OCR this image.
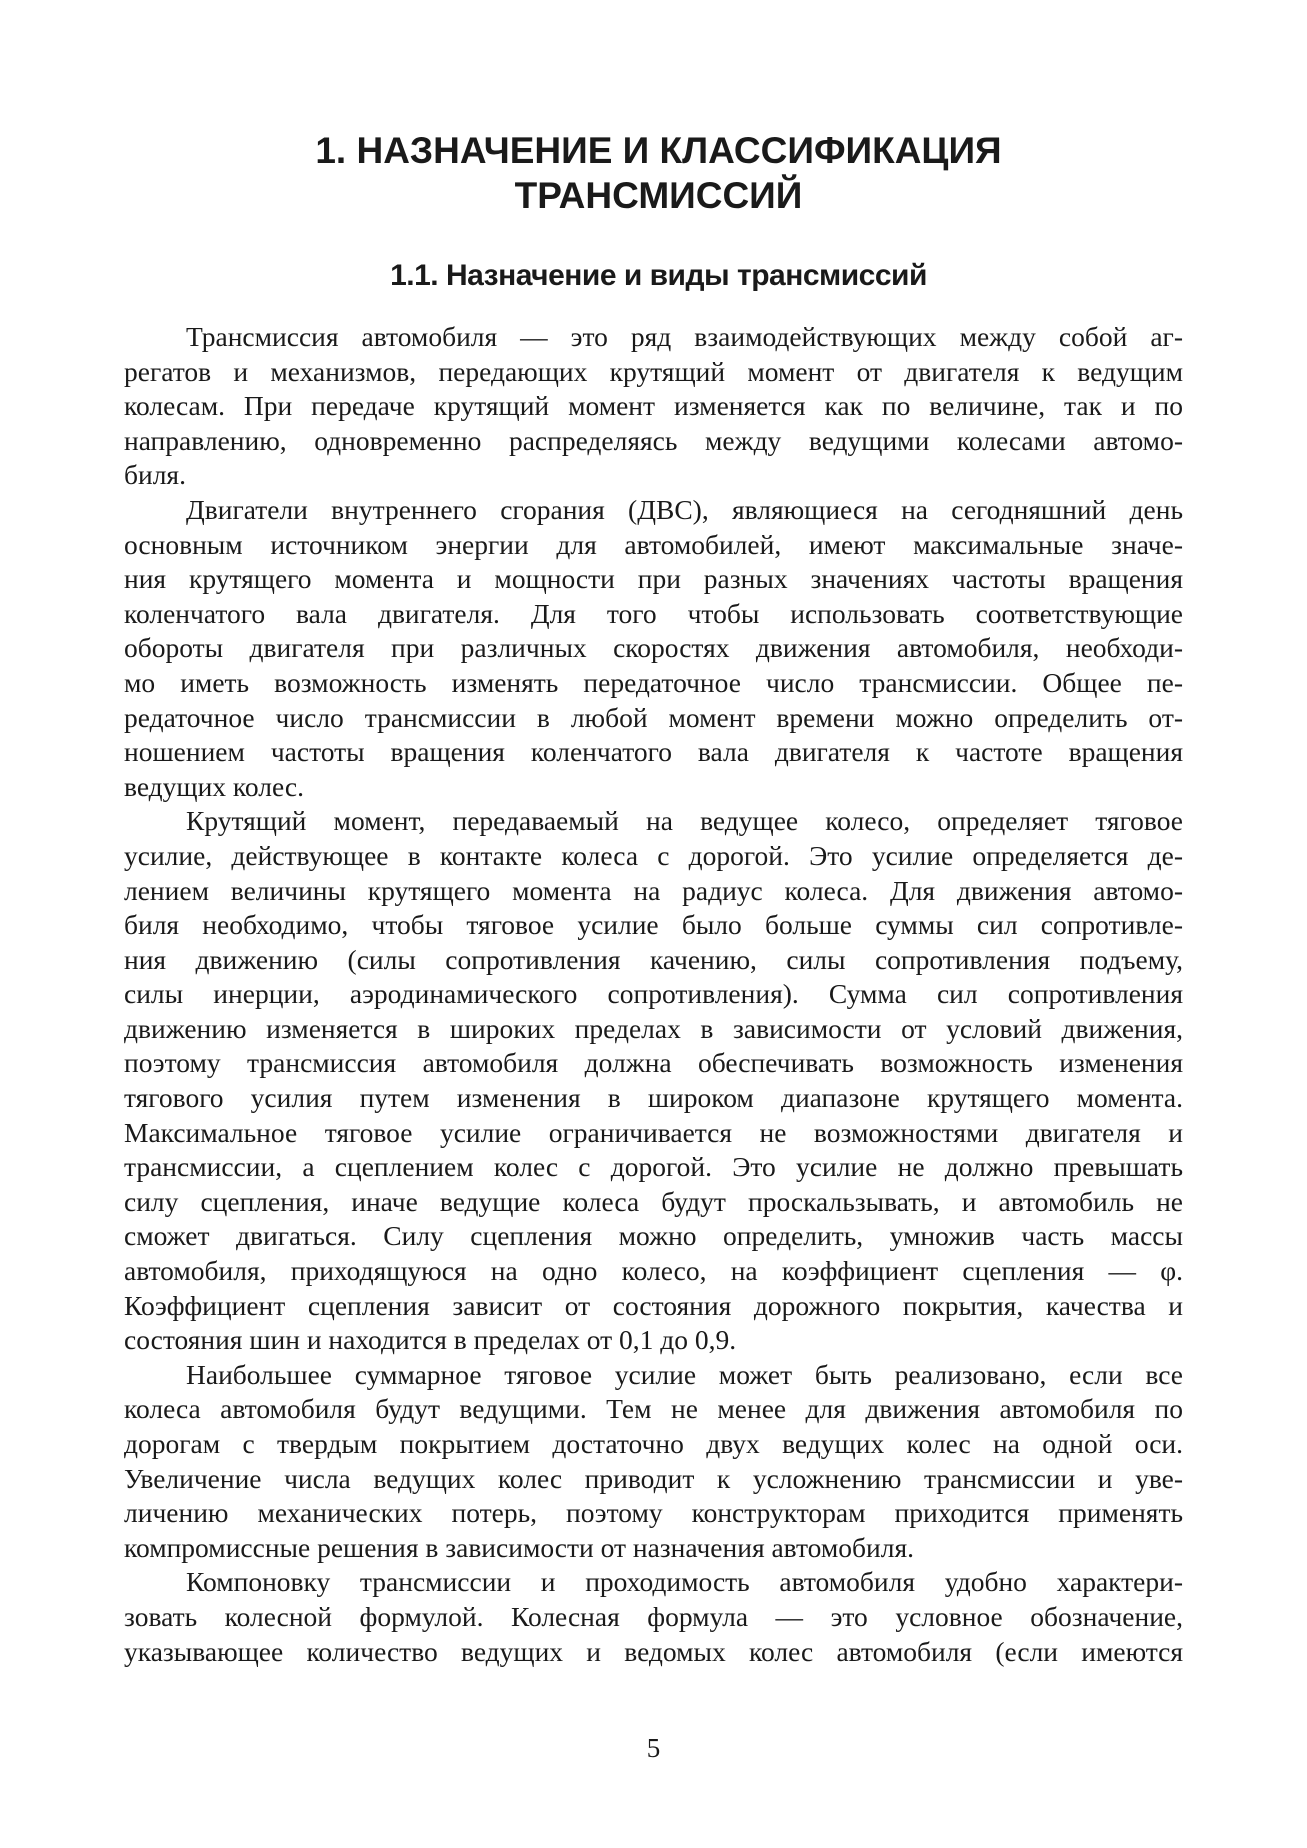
1. НАЗНАЧЕНИЕ И КЛАССИФИКАЦИЯ
ТРАНСМИССИЙ
1.1. Назначение и виды трансмиссий

Трансмиссия автомобиля — это ряд взаимодействующих между собой аг-
регатов и механизмов, передающих крутящий момент от двигателя к ведущим
колесам. При передаче крутящий момент изменяется как по величине, так и по
направлению, одновременно распределяясь между ведущими колесами автомо-
биля.

Двигатели внутреннего сгорания (ДВС), являющиеся на сегодняшний день
основным источником энергии для автомобилей, имеют максимальные значе-
ния крутящего момента и мощности при разных значениях частоты вращения
коленчатого вала двигателя. Для того чтобы использовать соответствующие
обороты двигателя при различных скоростях движения автомобиля, необходи-
мо иметь возможность изменять передаточное число трансмиссии. Общее пе-
редаточное число трансмиссии в любой момент времени можно определить от-
ношением частоты вращения коленчатого вала двигателя к частоте вращения
ведущих колес.

Крутящий момент, передаваемый на ведущее колесо, определяет тяговое
усилие, действующее в контакте колеса с дорогой. Это усилие определяется де-
лением величины крутящего момента на радиус колеса. Для движения автомо-
биля необходимо, чтобы тяговое усилие было больше суммы сил сопротивле-
ния движению (силы сопротивления качению, силы сопротивления подъему,
силы инерции, аэродинамического сопротивления). Сумма сил сопротивления
движению изменяется в широких пределах в зависимости от условий движения,
поэтому трансмиссия автомобиля должна обеспечивать возможность изменения
тягового усилия путем изменения в широком диапазоне крутящего момента.
Максимальное тяговое усилие ограничивается не возможностями двигателя и
трансмиссии, а сцеплением колес с дорогой. Это усилие не должно превышать
силу сцепления, иначе ведущие колеса будут проскальзывать, и автомобиль не
сможет двигаться. Силу сцепления можно определить, умножив часть массы
автомобиля, приходящуюся на одно колесо, на коэффициент сцепления — φ.
Коэффициент сцепления зависит от состояния дорожного покрытия, качества и
состояния шин и находится в пределах от 0,1 до 0,9.

Наибольшее суммарное тяговое усилие может быть реализовано, если все
колеса автомобиля будут ведущими. Тем не менее для движения автомобиля по
дорогам с твердым покрытием достаточно двух ведущих колес на одной оси.
Увеличение числа ведущих колес приводит к усложнению трансмиссии и уве-
личению механических потерь, поэтому конструкторам приходится применять
компромиссные решения в зависимости от назначения автомобиля.

Компоновку трансмиссии и проходимость автомобиля удобно характери-
зовать колесной формулой. Колесная формула — это условное обозначение,
указывающее количество ведущих и ведомых колес автомобиля (если имеются

5
